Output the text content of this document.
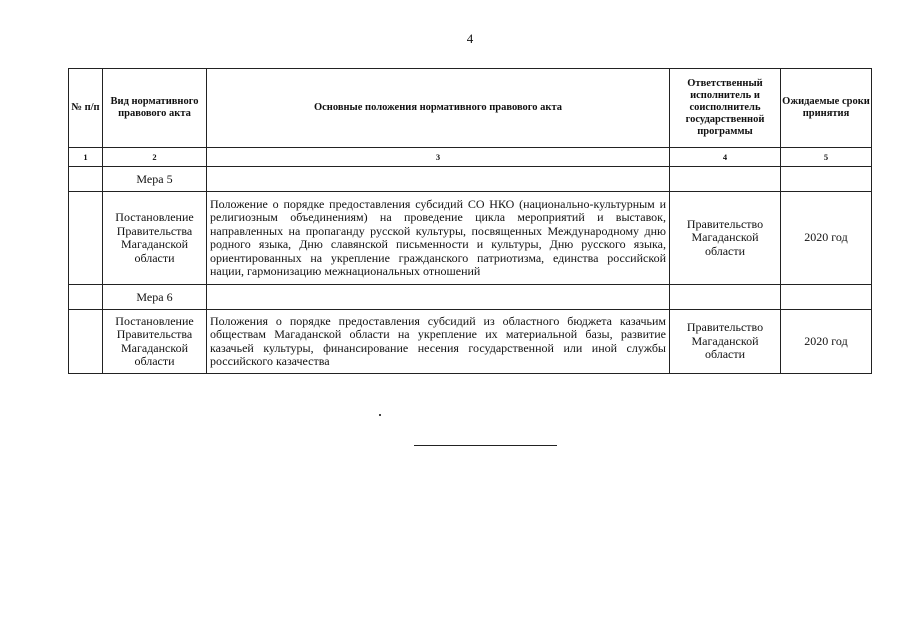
4
№ п/п	Вид нормативного правового акта	Основные положения нормативного правового акта	Ответственный исполнитель и соисполнитель государственной программы	Ожидаемые сроки принятия
1	2	3	4	5
	Мера 5			
	Постановление Правительства Магаданской области	Положение о порядке предоставления субсидий СО НКО (национально-культурным и религиозным объединениям) на проведение цикла мероприятий и выставок, направленных на пропаганду русской культуры, посвященных Международному дню родного языка, Дню славянской письменности и культуры, Дню русского языка, ориентированных на укрепление гражданского патриотизма, единства российской нации, гармонизацию межнациональных отношений	Правительство Магаданской области	2020 год
	Мера 6			
	Постановление Правительства Магаданской области	Положения о порядке предоставления субсидий из областного бюджета казачьим обществам Магаданской области на укрепление их материальной базы, развитие казачьей культуры, финансирование несения государственной или иной службы российского казачества	Правительство Магаданской области	2020 год
